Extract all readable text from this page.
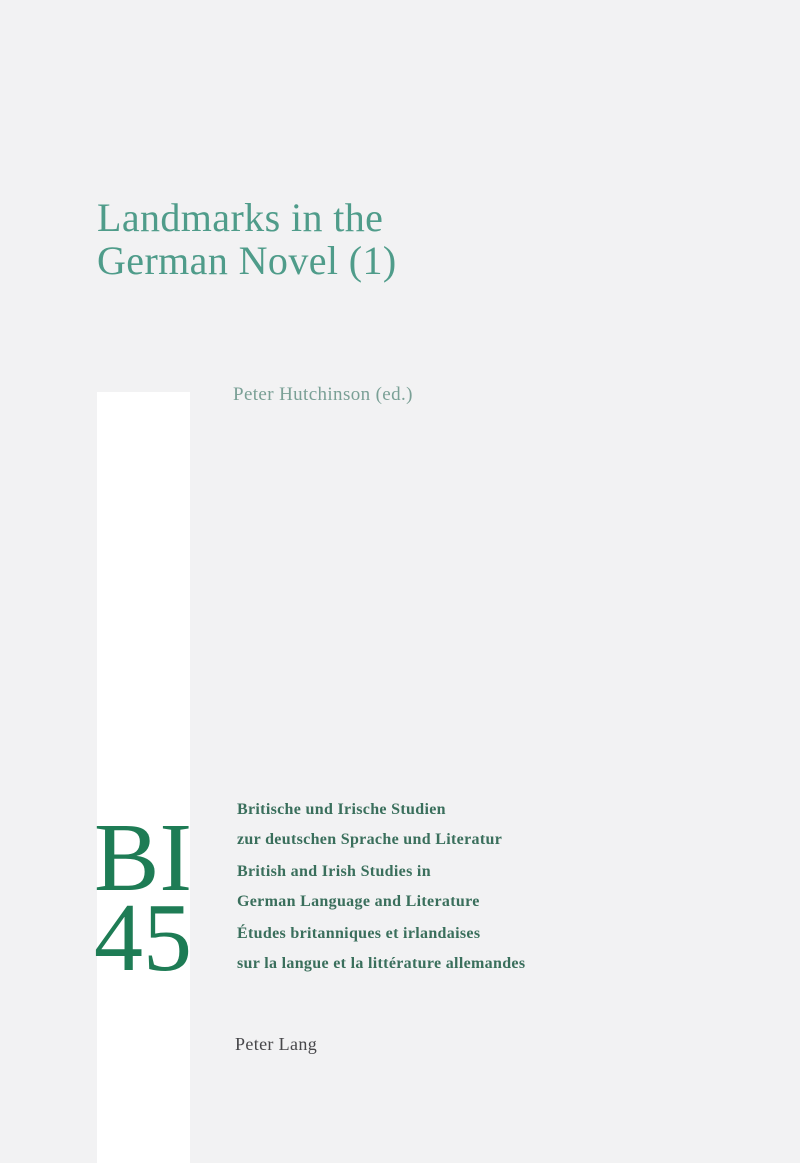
Landmarks in the
German Novel (1)
Peter Hutchinson (ed.)
BI
45
Britische und Irische Studien
zur deutschen Sprache und Literatur
British and Irish Studies in
German Language and Literature
Études britanniques et irlandaises
sur la langue et la littérature allemandes
Peter Lang
